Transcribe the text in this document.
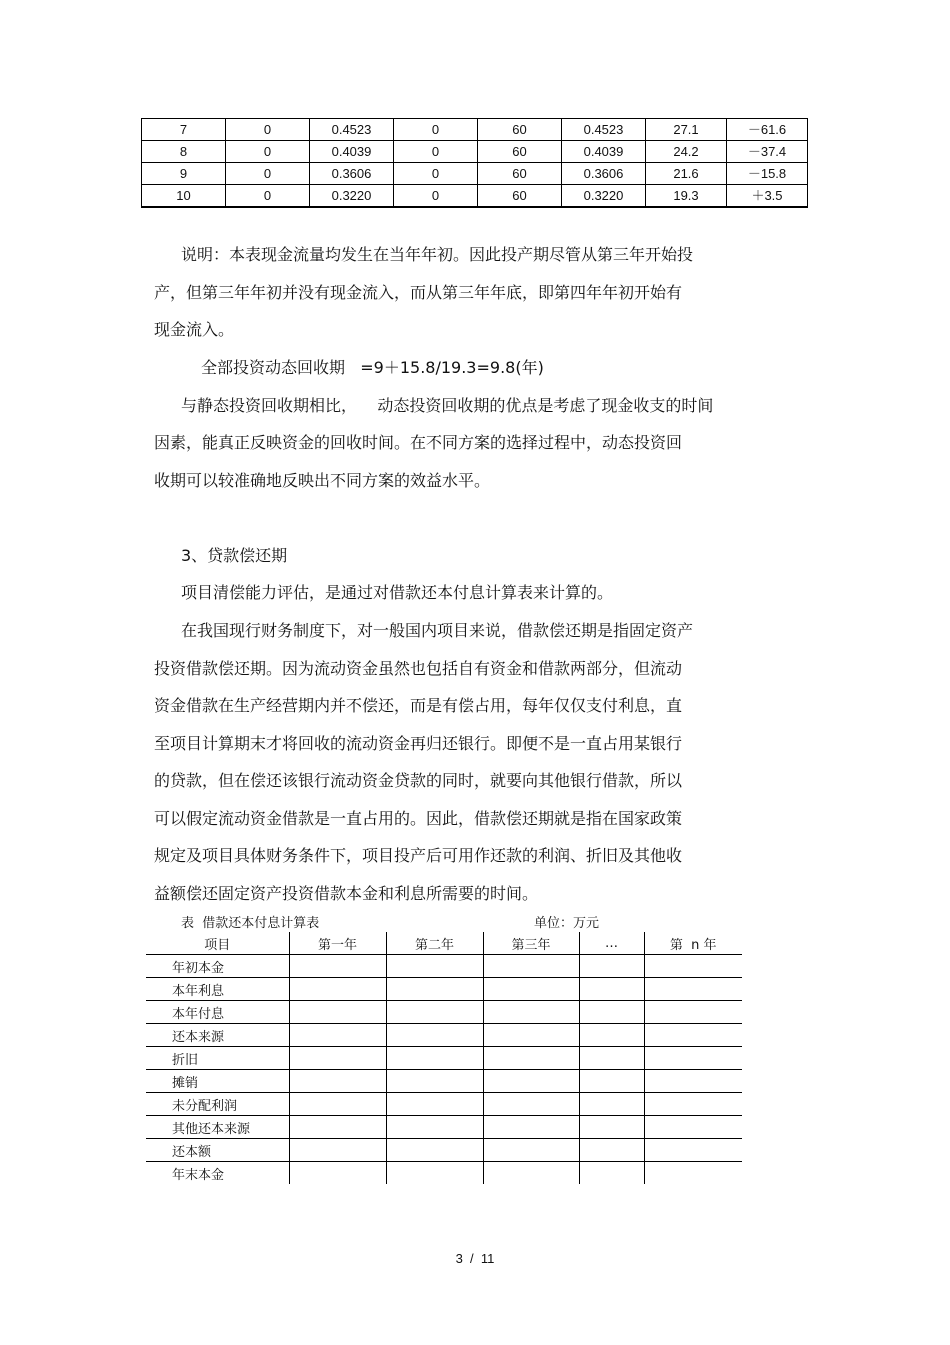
7	0	0.4523	0	60	0.4523	27.1	－61.6
8	0	0.4039	0	60	0.4039	24.2	－37.4
9	0	0.3606	0	60	0.3606	21.6	－15.8
10	0	0.3220	0	60	0.3220	19.3	＋3.5

说明：本表现金流量均发生在当年年初。因此投产期尽管从第三年开始投

产，但第三年年初并没有现金流入，而从第三年年底，即第四年年初开始有

现金流入。

全部投资动态回收期   =9＋15.8/19.3=9.8(年)

与静态投资回收期相比，    动态投资回收期的优点是考虑了现金收支的时间

因素，能真正反映资金的回收时间。在不同方案的选择过程中，动态投资回

收期可以较准确地反映出不同方案的效益水平。

3、贷款偿还期

项目清偿能力评估，是通过对借款还本付息计算表来计算的。

在我国现行财务制度下，对一般国内项目来说，借款偿还期是指固定资产

投资借款偿还期。因为流动资金虽然也包括自有资金和借款两部分，但流动

资金借款在生产经营期内并不偿还，而是有偿占用，每年仅仅支付利息，直

至项目计算期末才将回收的流动资金再归还银行。即便不是一直占用某银行

的贷款，但在偿还该银行流动资金贷款的同时，就要向其他银行借款，所以

可以假定流动资金借款是一直占用的。因此，借款偿还期就是指在国家政策

规定及项目具体财务条件下，项目投产后可用作还款的利润、折旧及其他收

益额偿还固定资产投资借款本金和利息所需要的时间。

表  借款还本付息计算表	单位：万元
项目	第一年	第二年	第三年	…	第  n 年
年初本金					
本年利息					
本年付息					
还本来源					
折旧					
摊销					
未分配利润					
其他还本来源					
还本额					
年末本金					
3  /  11
